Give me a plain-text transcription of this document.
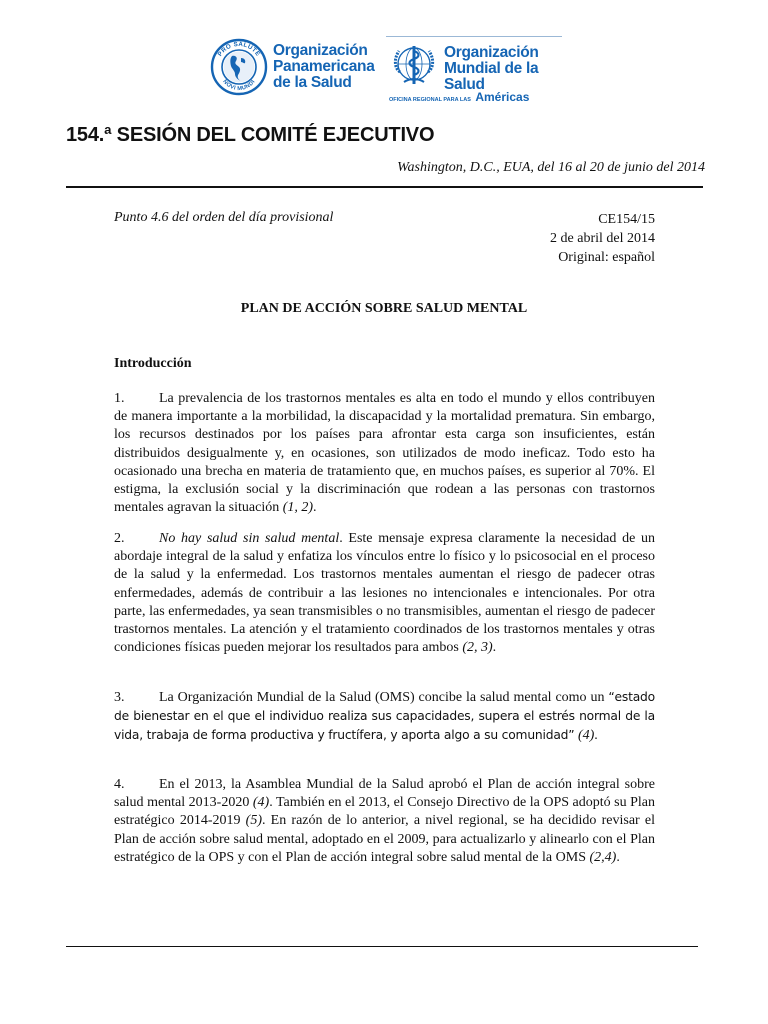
PRO SALUTE
NOVI MUNDI
Organización
Panamericana
de la Salud
Organización
Mundial de la Salud
OFICINA REGIONAL PARA LAS Américas
154.ª SESIÓN DEL COMITÉ EJECUTIVO
Washington, D.C., EUA, del 16 al 20 de junio del 2014
Punto 4.6 del orden del día provisional	CE154/15
2 de abril del 2014
Original: español
PLAN DE ACCIÓN SOBRE SALUD MENTAL
Introducción
1. La prevalencia de los trastornos mentales es alta en todo el mundo y ellos contribuyen de manera importante a la morbilidad, la discapacidad y la mortalidad prematura. Sin embargo, los recursos destinados por los países para afrontar esta carga son insuficientes, están distribuidos desigualmente y, en ocasiones, son utilizados de modo ineficaz. Todo esto ha ocasionado una brecha en materia de tratamiento que, en muchos países, es superior al 70%. El estigma, la exclusión social y la discriminación que rodean a las personas con trastornos mentales agravan la situación (1, 2).
2. No hay salud sin salud mental. Este mensaje expresa claramente la necesidad de un abordaje integral de la salud y enfatiza los vínculos entre lo físico y lo psicosocial en el proceso de la salud y la enfermedad. Los trastornos mentales aumentan el riesgo de padecer otras enfermedades, además de contribuir a las lesiones no intencionales e intencionales. Por otra parte, las enfermedades, ya sean transmisibles o no transmisibles, aumentan el riesgo de padecer trastornos mentales. La atención y el tratamiento coordinados de los trastornos mentales y otras condiciones físicas pueden mejorar los resultados para ambos (2, 3).
3. La Organización Mundial de la Salud (OMS) concibe la salud mental como un “estado de bienestar en el que el individuo realiza sus capacidades, supera el estrés normal de la vida, trabaja de forma productiva y fructífera, y aporta algo a su comunidad” (4).
4. En el 2013, la Asamblea Mundial de la Salud aprobó el Plan de acción integral sobre salud mental 2013-2020 (4). También en el 2013, el Consejo Directivo de la OPS adoptó su Plan estratégico 2014-2019 (5). En razón de lo anterior, a nivel regional, se ha decidido revisar el Plan de acción sobre salud mental, adoptado en el 2009, para actualizarlo y alinearlo con el Plan estratégico de la OPS y con el Plan de acción integral sobre salud mental de la OMS (2,4).
